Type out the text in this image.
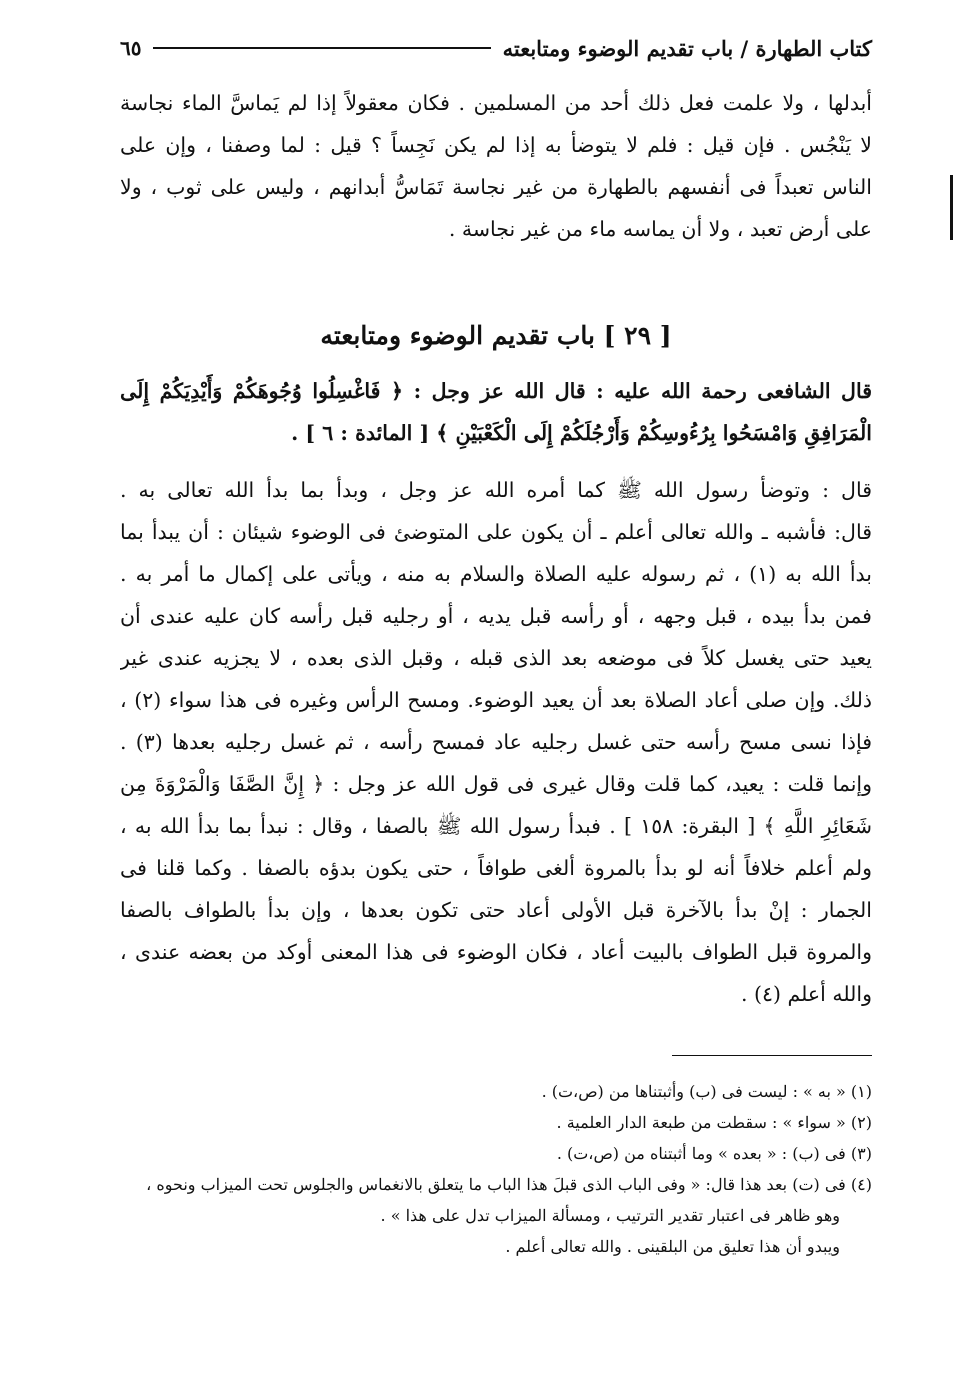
كتاب الطهارة / باب تقديم الوضوء ومتابعته
٦٥
أبدلها ، ولا علمت فعل ذلك أحد من المسلمين . فكان معقولاً إذا لم يَماسَّ الماء نجاسة
لا يَنْجُس . فإن قيل : فلم لا يتوضأ به إذا لم يكن نَجِساً ؟ قيل : لما وصفنا ، وإن على
الناس تعبداً فى أنفسهم بالطهارة من غير نجاسة تَمَاسُّ أبدانهم ، وليس على ثوب ، ولا
على أرض تعبد ، ولا أن يماسه ماء من غير نجاسة .
[ ٢٩ ] باب تقديم الوضوء ومتابعته
قال الشافعى رحمة الله عليه : قال الله عز وجل : ﴿ فَاغْسِلُوا وُجُوهَكُمْ وَأَيْدِيَكُمْ إِلَى
الْمَرَافِقِ وَامْسَحُوا بِرُءُوسِكُمْ وَأَرْجُلَكُمْ إِلَى الْكَعْبَيْنِ ﴾ [ المائدة : ٦ ] .
قال : وتوضأ رسول الله ﷺ كما أمره الله عز وجل ، وبدأ بما بدأ الله تعالى به .
قال: فأشبه ـ والله تعالى أعلم ـ أن يكون على المتوضئ فى الوضوء شيئان : أن يبدأ بما
بدأ الله به (١) ، ثم رسوله عليه الصلاة والسلام به منه ، ويأتى على إكمال ما أمر به .
فمن بدأ بيده ، قبل وجهه ، أو رأسه قبل يديه ، أو رجليه قبل رأسه كان عليه عندى أن
يعيد حتى يغسل كلاً فى موضعه بعد الذى قبله ، وقبل الذى بعده ، لا يجزيه عندى غير
ذلك. وإن صلى أعاد الصلاة بعد أن يعيد الوضوء. ومسح الرأس وغيره فى هذا سواء (٢) ،
فإذا نسى مسح رأسه حتى غسل رجليه عاد فمسح رأسه ، ثم غسل رجليه بعدها (٣) .
وإنما قلت : يعيد، كما قلت وقال غيرى فى قول الله عز وجل : ﴿ إِنَّ الصَّفَا وَالْمَرْوَةَ مِن
شَعَائِرِ اللَّهِ ﴾ [ البقرة: ١٥٨ ] . فبدأ رسول الله ﷺ بالصفا ، وقال : نبدأ بما بدأ الله به ،
ولم أعلم خلافاً أنه لو بدأ بالمروة ألغى طوافاً ، حتى يكون بدؤه بالصفا . وكما قلنا فى
الجمار : إنْ بدأ بالآخرة قبل الأولى أعاد حتى تكون بعدها ، وإن بدأ بالطواف بالصفا
والمروة قبل الطواف بالبيت أعاد ، فكان الوضوء فى هذا المعنى أوكد من بعضه عندى ،
والله أعلم (٤) .
(١) « به » : ليست فى (ب) وأثبتناها من (ص،ت) .
(٢) « سواء » : سقطت من طبعة الدار العلمية .
(٣) فى (ب) : « بعده » وما أثبتناه من (ص،ت) .
(٤) فى (ت) بعد هذا قال: « وفى الباب الذى قبلَ هذا الباب ما يتعلق بالانغماس والجلوس تحت الميزاب ونحوه ،
وهو ظاهر فى اعتبار تقدير الترتيب ، ومسألة الميزاب تدل على هذا » .
ويبدو أن هذا تعليق من البلقينى . والله تعالى أعلم .
